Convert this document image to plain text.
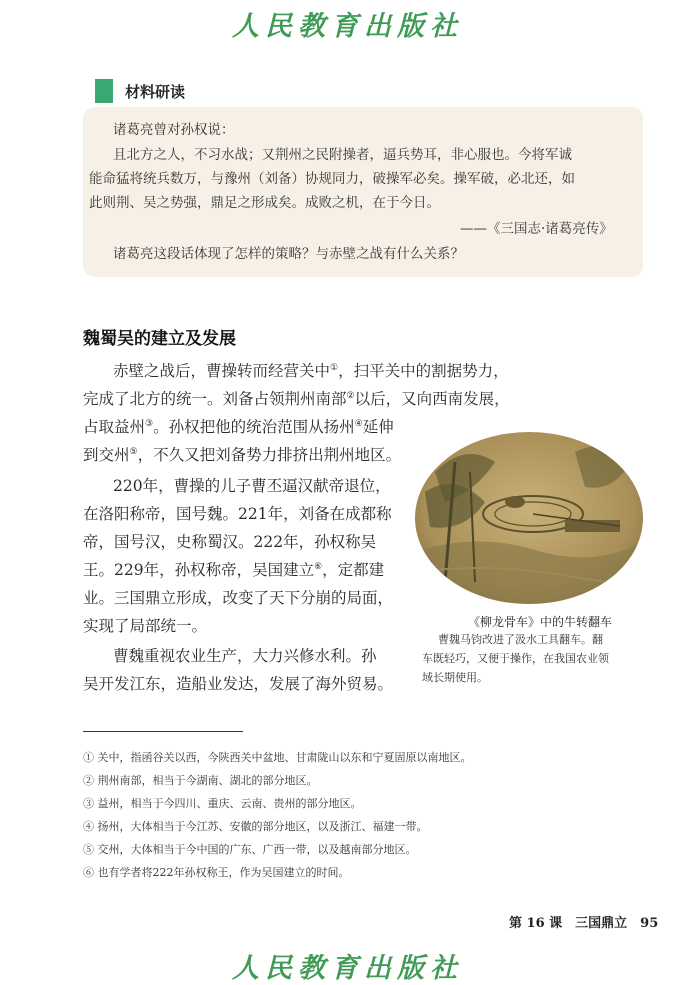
人民教育出版社
材料研读
诸葛亮曾对孙权说：
且北方之人，不习水战；又荆州之民附操者，逼兵势耳，非心服也。今将军诚
能命猛将统兵数万，与豫州（刘备）协规同力，破操军必矣。操军破，必北还，如
此则荆、吴之势强，鼎足之形成矣。成败之机，在于今日。
——《三国志·诸葛亮传》
诸葛亮这段话体现了怎样的策略？与赤壁之战有什么关系？
魏蜀吴的建立及发展
赤壁之战后，曹操转而经营关中①，扫平关中的割据势力，
完成了北方的统一。刘备占领荆州南部②以后，又向西南发展，
占取益州③。孙权把他的统治范围从扬州④延伸
到交州⑤，不久又把刘备势力排挤出荆州地区。
220年，曹操的儿子曹丕逼汉献帝退位，
在洛阳称帝，国号魏。221年，刘备在成都称
帝，国号汉，史称蜀汉。222年，孙权称吴
王。229年，孙权称帝，吴国建立⑥，定都建
业。三国鼎立形成，改变了天下分崩的局面，
实现了局部统一。
曹魏重视农业生产，大力兴修水利。孙
吴开发江东，造船业发达，发展了海外贸易。
《柳龙骨车》中的牛转翻车
曹魏马钧改进了汲水工具翻车。翻
车既轻巧，又便于操作，在我国农业领
域长期使用。
① 关中，指函谷关以西，今陕西关中盆地、甘肃陇山以东和宁夏固原以南地区。
② 荆州南部，相当于今湖南、湖北的部分地区。
③ 益州，相当于今四川、重庆、云南、贵州的部分地区。
④ 扬州，大体相当于今江苏、安徽的部分地区，以及浙江、福建一带。
⑤ 交州，大体相当于今中国的广东、广西一带，以及越南部分地区。
⑥ 也有学者将222年孙权称王，作为吴国建立的时间。
第 16 课　三国鼎立　95
人民教育出版社
